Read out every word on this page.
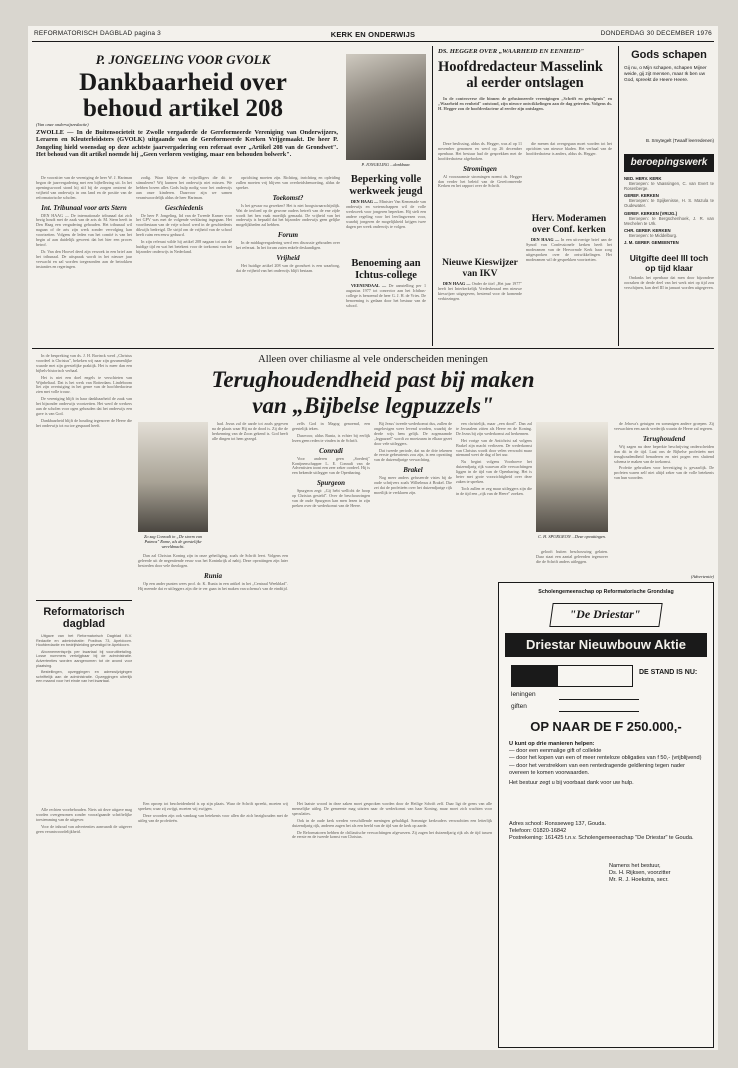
REFORMATORISCH DAGBLAD pagina 3	KERK EN ONDERWIJS	DONDERDAG 30 DECEMBER 1976
P. JONGELING VOOR GVOLK
Dankbaarheid over
behoud artikel 208
(Van onze onderwijsredactie)
ZWOLLE — In de Buitensocieteit te Zwolle vergaderde de Gereformeerde Vereniging van Onderwijzers, Leraren en Kleuterleidsters (GVOLK) uitgaande van de Gereformeerde Kerken Vrijgemaakt. De heer P. Jongeling hield woensdag op deze achtste jaarvergadering een referaat over „Artikel 208 van de Grondwet". Het behoud van dit artikel noemde hij „Geen verloren vestiging, maar een behouden bolwerk".

De voorzitter van de vereniging de heer W. J. Hartman begon de jaarvergadering met een bijbellezing uit. In het openingswoord stond hij stil bij de zorgen omtrent de vrijheid van onderwijs in ons land en de positie van de reformatorische scholen.

Int. Tribunaal voor arts Stern

DEN HAAG — De internationale tribunaal dat zich bezig houdt met de zaak van de arts dr. M. Stern heeft in Den Haag een vergadering gehouden. Het tribunaal wil nagaan of de arts zijn werk zonder vervolging kan voortzetten. Volgens de leden van het comité is van het begin af aan duidelijk geweest dat het hier een proces betrof.

Dr. Van den Hoovel deed zijn verzoek in een brief aan het tribunaal. De uitspraak wordt in het nieuwe jaar verwacht en zal worden toegezonden aan de betrokken instanties en regeringen.

zodig. Waar blijven de vrijwilligers die dit te stimuleren? Wij kunnen het onderwijs niet missen. We hebben boven alles Gods hulp nodig voor het onderwijs aan onze kinderen. Daarvoor zijn we samen verantwoordelijk aldus de heer Hartman.

Geschiedenis

De heer P. Jongeling, lid van de Tweede Kamer voor het GPV was met de volgende verklaring ingegaan. Het voortbestaan van de vrije school werd in de geschiedenis dikwijls bedreigd. De strijd om de vrijheid van de school heeft ruim een eeuw geduurd.

In zijn referaat wilde hij artikel 208 nagaan tot aan de huidige tijd en wat het betekent voor de toekomst van het bijzonder onderwijs in Nederland.

oprichting moeten zijn. Richting, inrichting en opleiding zullen moeten vrij blijven van overheidsbemoeiing, aldus de spreker.

Toekomst?

Is het gevaar nu geweken? Het is niet hoogstwaarschijnlijk. Wat de invloed op de gewone ouders betreft van de ene zijde wordt het hen vaak moeilijk gemaakt. De vrijheid van het onderwijs is bepaald dat het bijzonder onderwijs geen gelijke mogelijkheden zal hebben.

Forum

In de middagvergadering werd een discussie gehouden over het referaat. In het forum zaten enkele deskundigen.

Vrijheid

Het huidige artikel 208 van de grondwet is een waarborg, dat de vrijheid van het onderwijs blijft bestaan.

P. JONGELING ...dankbaar.
Beperking volle werkweek jeugd

DEN HAAG — Minister Van Kemenade van onderwijs en wetenschappen wil de volle werkweek voor jongeren beperken. Hij stelt een andere regeling voor het leerlingwezen voor, waarbij jongeren de mogelijkheid krijgen twee dagen per week onderwijs te volgen.

Benoeming aan Ichtus-college

VEENENDAAL — De aanstelling per 1 augustus 1977 tot conrector aan het Ichthus-college is benoemd de heer G. J. H. de Vries. De benoeming is gedaan door het bestuur van de school.

DS. HEGGER OVER „WAARHEID EN EENHEID"
Hoofdredacteur Masselink
al eerder ontslagen

In de controverse die binnen de gefusioneerde verenigingen „Schrift en getuigenis" en „Waarheid en eenheid" ontstond, zijn nieuwe ontwikkelingen aan de dag getreden. Volgens ds. H. Hegger zou de hoofdredacteur al eerder zijn ontslagen.

Deze beslissing, aldus ds. Hegger, was al op 11 november genomen en werd op 26 december openbaar. Het bestuur had de gesprekken met de hoofdredacteur afgebroken.

Stromingen

Al voorzaamste stromingen noemt ds. Hegger dan verder het beleid van de Gereformeerde Kerken en het rapport over de Schrift.

die menen dat overgegaan moet worden tot het oprichten van nieuwe bladen. Het verhaal van de hoofdredacteur is anders, aldus ds. Hegger.

Herv. Moderamen over Conf. kerken

DEN HAAG — In een uitvoerige brief aan de Synod van Confessionele kerken heeft het moderamen van de Hervormde Kerk haar zorg uitgesproken over de ontwikkelingen. Het moderamen wil de gesprekken voortzetten.

Nieuwe Kieswijzer van IKV

DEN HAAG — Onder de titel „Het jaar 1977" heeft het Interkerkelijk Vredesberaad een nieuwe kieswijzer uitgegeven, bestemd voor de komende verkiezingen.

Gods schapen
Gij nu, o Mijn schapen, schapen Mijner weide, gij zijt mensen, maar Ik ben uw God, spreekt de Heere Heere.
B. Smytegelt (Twaalf leerredenen)
beroepingswerk
NED. HERV. KERK

Beroepen: te Vaassingen, C. van Evert te Rosenberge.

GEREF. KERKEN

Beroepen: te Spijkenisse, H. S. Mazula te Oudewater.

GEREF. KERKEN (VRIJG.)

Beroepen: te Bergschenhoek, J. R. van Mechelen te Urk.

CHR. GEREF. KERKEN

Beroepen: te Middelburg.

J. M. GEREF. GEMEENTEN
Uitgifte deel III toch op tijd klaar

Ondanks het openbaar dat men door bijzondere oorzaken de derde deel van het werk niet op tijd zou verschijnen, kan deel III in januari worden uitgegeven.

In de bespreking van ds. J. H. Bavinck werd „Christus voordeel is Christus", bekeken wij naar zijn gezamenlijke waarde met zijn geestelijke praktijk. Het is meer dan een bijbels-historisch verhaal.

Het is niet een doel engels te verschieten van Wijnbeltaal. Dat is het werk van Rotterdam. Lindeboom liet zijn overtuiging in het genre van de hoofdredacteur zien met volle trouw.

De vereniging blijft in haar dankbaarheid de zaak van het bijzonder onderwijs voortzetten. Het werd de werkers aan de scholen voor ogen gehouden dat het onderwijs een gave is van God.

Dankbaarheid blijft de houding tegenover de Heere die het onderwijs tot nu toe gespaard heeft.

Reformatorisch dagblad

Uitgave van het Reformatorisch Dagblad B.V. Redactie en administratie: Postbus 73, Apeldoorn. Hoofdredactie en bedrijfsleiding gevestigd te Apeldoorn.

Abonnementsprijs per kwartaal bij vooruitbetaling. Losse nummers verkrijgbaar bij de administratie. Advertenties worden aangenomen tot de avond voor plaatsing.

Bestellingen, opzeggingen en adreswijzigingen schriftelijk aan de administratie. Opzeggingen uiterlijk een maand voor het einde van het kwartaal.

Alleen over chiliasme al vele onderscheiden meningen
Terughoudendheid past bij maken
van „Bijbelse legpuzzels"
Zo zag Conradi in „De storm van Patmos" Rome, als de geestelijke wereldmacht.

had. Jezus zal de aarde tot zoals gegeven na de plaats waar Hij na de dood is. Zij die de herkenning van de Zoon gekend is. God heeft alle dingen tot hem gezegd.

Dan zal Christus Koning zijn in onze geheiliging, zoals de Schrift leert. Volgens een geleerde uit de negentiende eeuw was het Koninkrijk al nabij. Deze opvattingen zijn later bestreden door vele theologen.

Runia

Op een ander punten wees prof. dr. K. Runia in een artikel in het „Centraal Weekblad". Hij meende dat er uitleggers zijn die te ver gaan in het maken van schema's van de eindtijd.

zelfs God in Magog genoemd, een geestelijk teken.

Daarvoor, aldus Runia, is echter bij eerlijk lezen geen reden te vinden in de Schrift.

Conradi

Voor anderen geen „Soederij" Konijnenschapper L. E. Conradi van de Adventisten toont een zeer zeker oordeel. Hij is een bekende uitlegger van de Openbaring.

Spurgeon

Spurgeon zegt: „Gij hebt wellicht de hoop op Christus gesteld". Over de beschouwingen van de oude Spurgeon kan men lezen in zijn preken over de wederkomst van de Heere.

Bij Jezus' tweede wederkomst dus, zullen de ongelovigen weer levend worden, waarbij de derde wijs hem gelijk. De zogenaamde „legpuzzel" wordt zo moeizaam in elkaar gezet door vele uitleggers.

Dat tweede periode, dat na de drie tekenen de eerste gebeurtenis zou zijn, is een opvatting van de duizendjarige verwachting.

Brakel

Nog meer anders gefuseerde visies bij de oude schrijvers zoals Wilhelmus à Brakel. Die zei dat de profetieën over het duizendjarige rijk moeilijk te verklaren zijn.

een christelijk, maar „een dood". Dan zal te Jeruzalem zitten als Heere en de Koning. De Jezus bij zijn wederkomst zal herkennen.

Het vorige van de Antichrist zal volgens Brakel zijn macht verliezen. De wederkomst van Christus wordt door velen verwacht maar niemand weet de dag of het uur.

Nu begint volgens Voorhoeve het duizendjarig rijk waarvan alle verwachtingen liggen in de tijd van de Openbaring. Het is beter met grote voorzichtigheid over deze zaken te spreken.

Toch zullen er zeg maar uitleggers zijn die in de tijd een „rijk van de Heere" zoeken.

C. H. SPURGEON ...Deze opvattingen.

gelooft buiten beschouwing gelaten. Daar staat een aantal geleerden tegenover die de Schrift anders uitleggen.

de Jehova's getuigen en sommigen andere groepen. Zij verwachten een aards vrederijk waarin de Heere zal regeren.

Terughoudend

Wij zagen nu deze beperkte beschrijving onderscheiden dan dit in de tijd. Laat ons de Bijbelse profetieën met terughoudendheid benaderen en niet pogen een sluitend schema te maken van de toekomst.

Profetie gebruiken voor bevestiging is gevaarlijk. De profeten waren zelf niet altijd zeker van de volle betekenis van hun woorden.

(Advertentie)
Scholengemeenschap op Reformatorische Grondslag
"De Driestar"
Driestar Nieuwbouw Aktie
DE STAND IS NU:
leningen
giften
OP NAAR DE F 250.000,-
U kunt op drie manieren helpen:
— door een eenmalige gift of collekte
— door het kopen van een of meer renteloze obligaties van f 50,- (vrijblijvend)
— door het verstrekken van een rentedragende geldlening tegen nader overeen te komen voorwaarden.
Het bestuur zegt u bij voorbaat dank voor uw hulp.
Adres school: Ronsseweg 137, Gouda.
Telefoon: 01820-16842
Postrekening: 161425 t.n.v. Scholengemeenschap "De Driestar" te Gouda.
Namens het bestuur,
Ds. H. Rijksen, voorzitter
Mr. R. J. Hoekstra, secr.

Het laatste woord in deze zaken moet gesproken worden door de Heilige Schrift zelf. Daar ligt de grens van alle menselijke uitleg. De gemeente mag uitzien naar de wederkomst van haar Koning, maar moet zich wachten voor speculaties.

Ook in de oude kerk werden verschillende meningen gehuldigd. Sommige kerkvaders verwachtten een letterlijk duizendjarig rijk, anderen zagen het als een beeld van de tijd van de kerk op aarde.

De Reformatoren hebben de chiliastische verwachtingen afgewezen. Zij zagen het duizendjarig rijk als de tijd tussen de eerste en de tweede komst van Christus.

Een oproep tot bescheidenheid is op zijn plaats. Waar de Schrift spreekt, moeten wij spreken; waar zij zwijgt, moeten wij zwijgen.

Deze woorden zijn ook vandaag van betekenis voor allen die zich bezighouden met de uitleg van de profetieën.

Alle rechten voorbehouden. Niets uit deze uitgave mag worden overgenomen zonder voorafgaande schriftelijke toestemming van de uitgever.

Voor de inhoud van advertenties aanvaardt de uitgever geen verantwoordelijkheid.
